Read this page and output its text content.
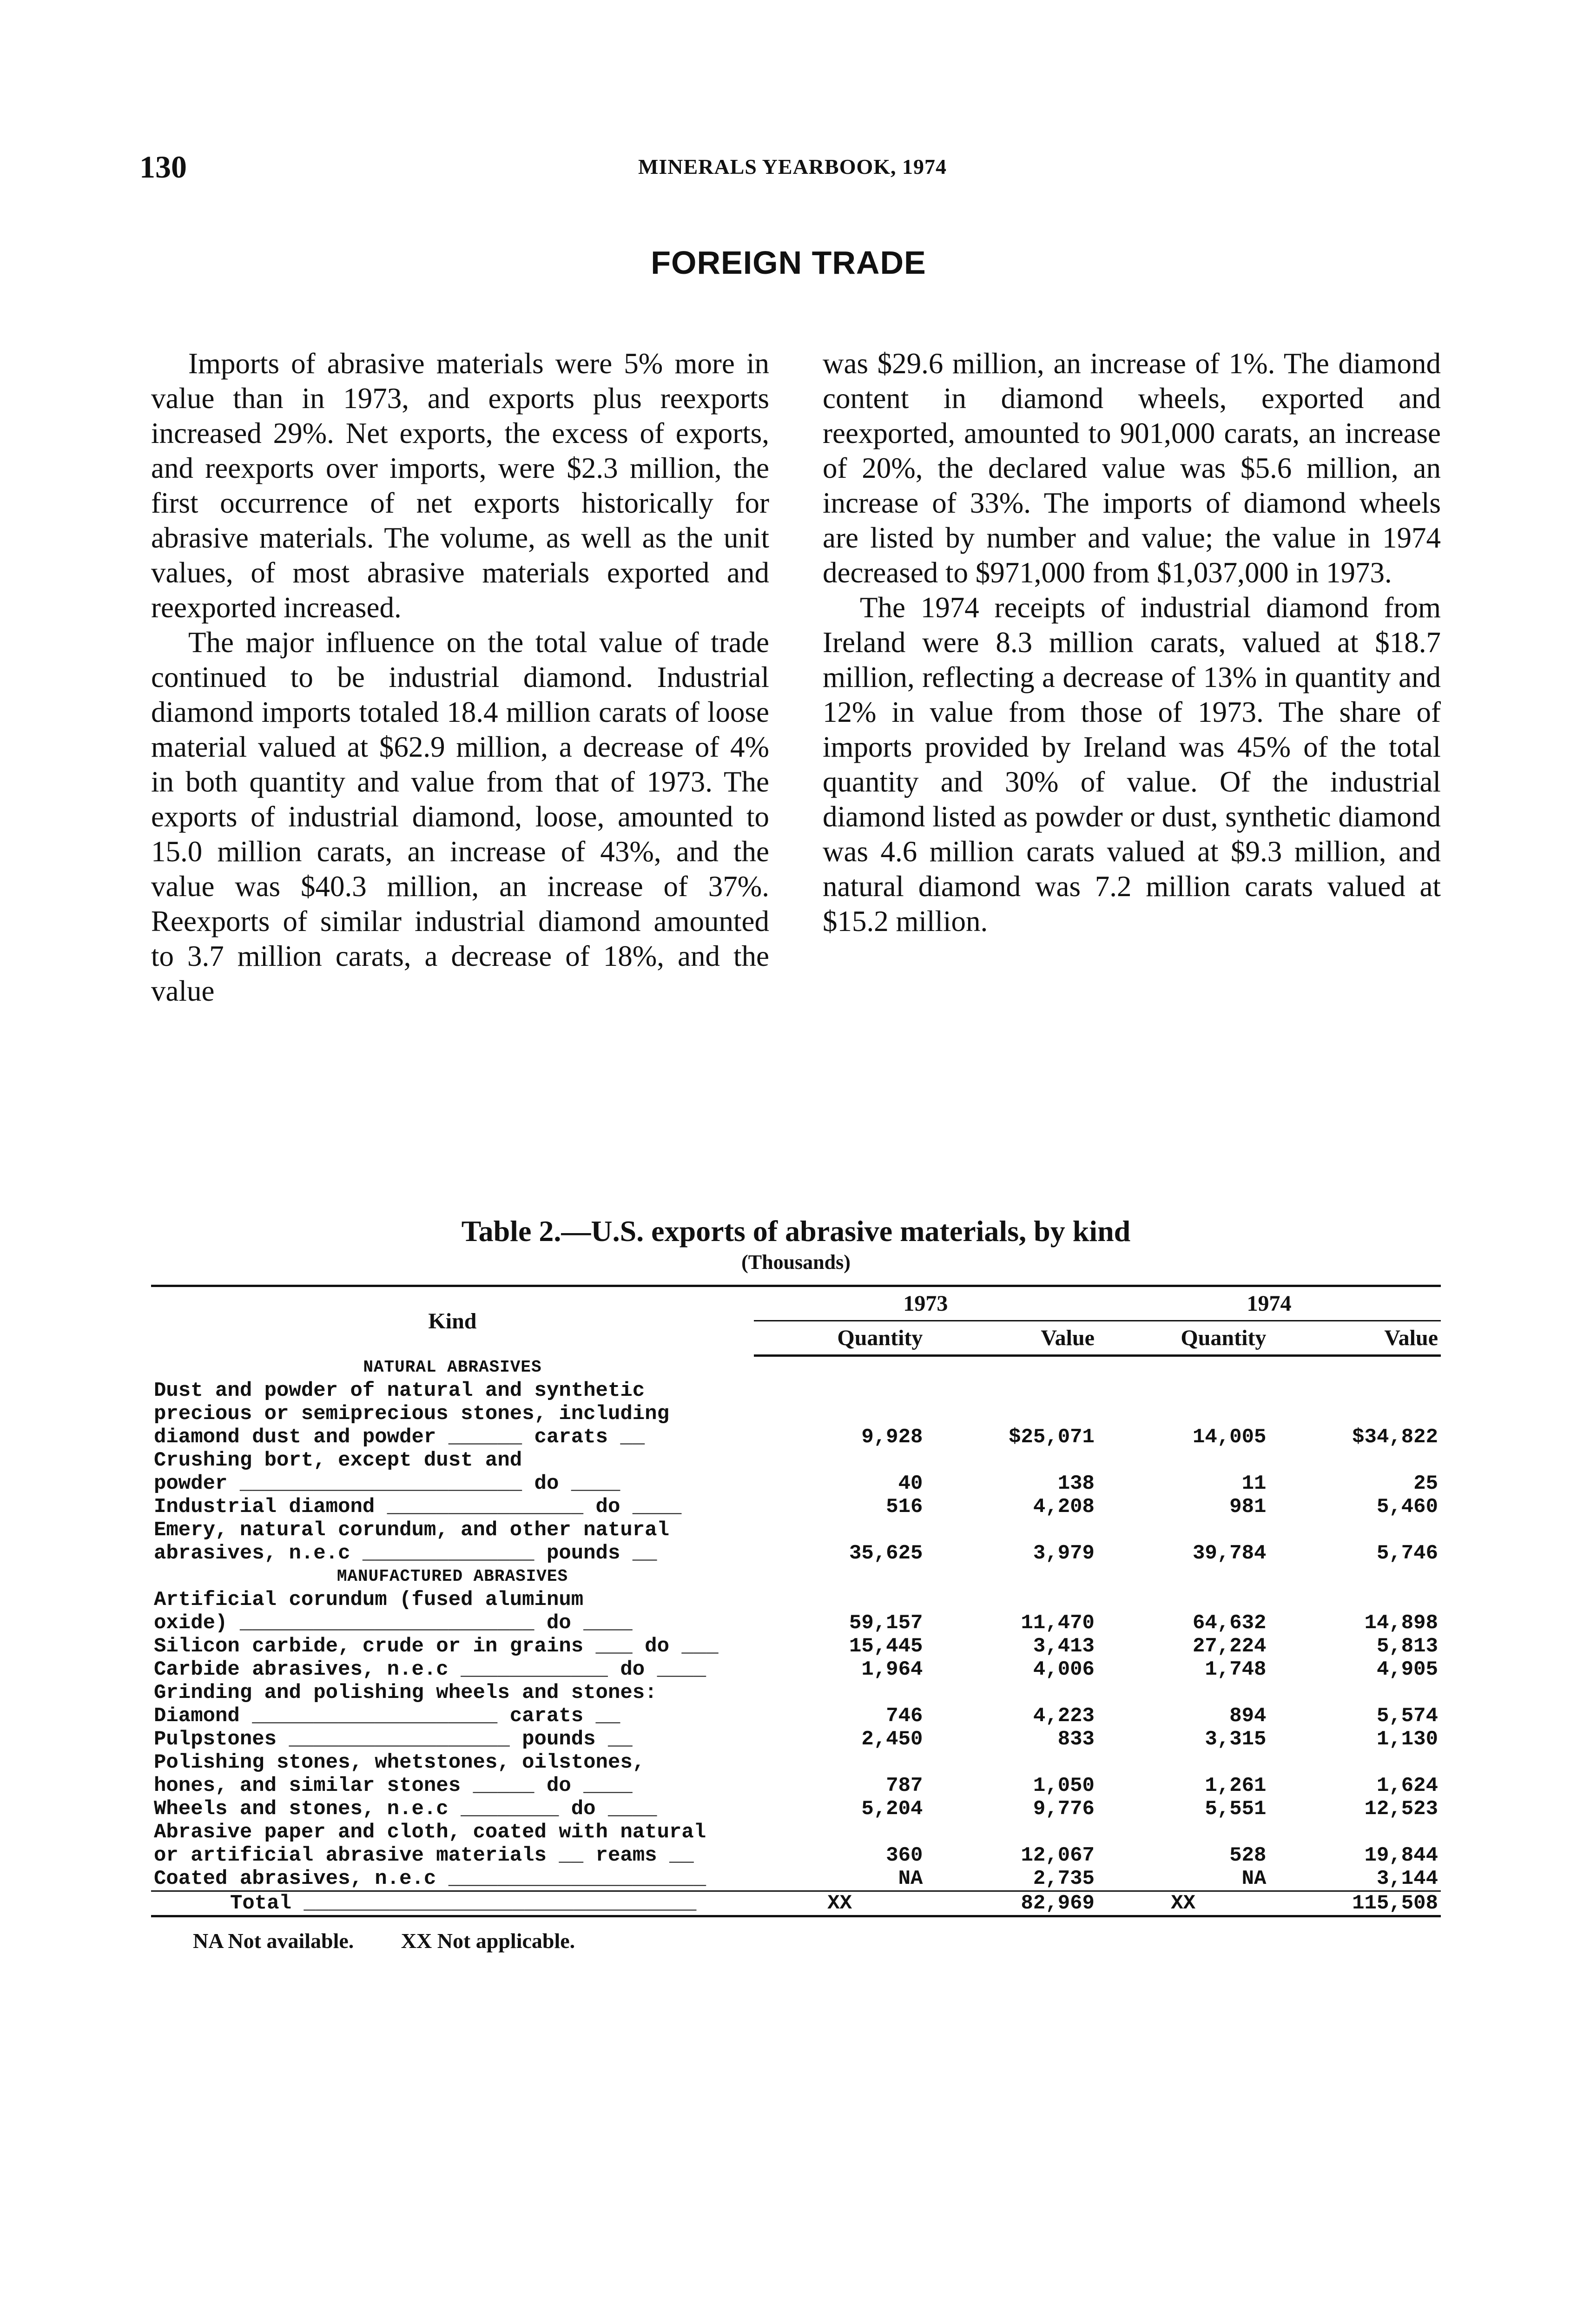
130	MINERALS YEARBOOK, 1974
FOREIGN TRADE

Imports of abrasive materials were 5% more in value than in 1973, and exports plus reexports increased 29%. Net exports, the excess of exports, and reexports over imports, were $2.3 million, the first occurrence of net exports historically for abrasive materials. The volume, as well as the unit values, of most abrasive materials exported and reexported increased.

The major influence on the total value of trade continued to be industrial diamond. Industrial diamond imports totaled 18.4 million carats of loose material valued at $62.9 million, a decrease of 4% in both quantity and value from that of 1973. The exports of industrial diamond, loose, amounted to 15.0 million carats, an increase of 43%, and the value was $40.3 million, an increase of 37%. Reexports of similar industrial diamond amounted to 3.7 million carats, a decrease of 18%, and the value

was $29.6 million, an increase of 1%. The diamond content in diamond wheels, exported and reexported, amounted to 901,000 carats, an increase of 20%, the declared value was $5.6 million, an increase of 33%. The imports of diamond wheels are listed by number and value; the value in 1974 decreased to $971,000 from $1,037,000 in 1973.

The 1974 receipts of industrial diamond from Ireland were 8.3 million carats, valued at $18.7 million, reflecting a decrease of 13% in quantity and 12% in value from those of 1973. The share of imports provided by Ireland was 45% of the total quantity and 30% of value. Of the industrial diamond listed as powder or dust, synthetic diamond was 4.6 million carats valued at $9.3 million, and natural diamond was 7.2 million carats valued at $15.2 million.

Table 2.—U.S. exports of abrasive materials, by kind
(Thousands)
Kind	1973		1974	
	Quantity	Value	Quantity	Value
NATURAL ABRASIVES				
Dust and powder of natural and synthetic				
precious or semiprecious stones, including				
diamond dust and powder ______ carats __	9,928	$25,071	14,005	$34,822
Crushing bort, except dust and				
powder _______________________ do ____	40	138	11	25
Industrial diamond ________________ do ____	516	4,208	981	5,460
Emery, natural corundum, and other natural				
abrasives, n.e.c ______________ pounds __	35,625	3,979	39,784	5,746
MANUFACTURED ABRASIVES				
Artificial corundum (fused aluminum				
oxide) ________________________ do ____	59,157	11,470	64,632	14,898
Silicon carbide, crude or in grains ___ do ___	15,445	3,413	27,224	5,813
Carbide abrasives, n.e.c ____________ do ____	1,964	4,006	1,748	4,905
Grinding and polishing wheels and stones:				
Diamond ____________________ carats __	746	4,223	894	5,574
Pulpstones __________________ pounds __	2,450	833	3,315	1,130
Polishing stones, whetstones, oilstones,				
hones, and similar stones _____ do ____	787	1,050	1,261	1,624
Wheels and stones, n.e.c ________ do ____	5,204	9,776	5,551	12,523
Abrasive paper and cloth, coated with natural				
or artificial abrasive materials __ reams __	360	12,067	528	19,844
Coated abrasives, n.e.c _____________________	NA	2,735	NA	3,144
Total ________________________________	XX	82,969	XX	115,508
NA Not available. XX Not applicable.
